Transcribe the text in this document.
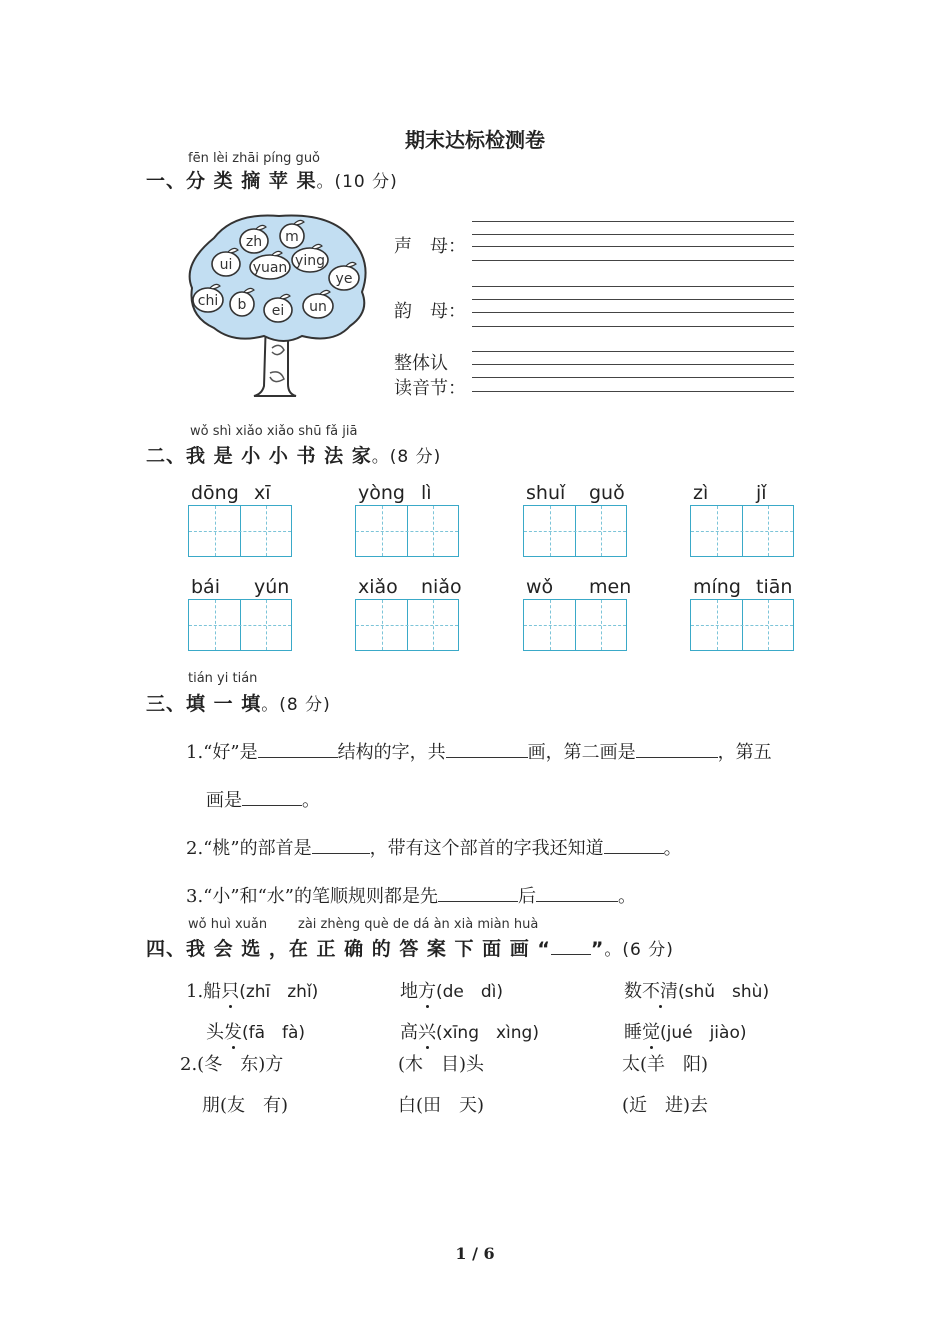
期末达标检测卷
fēn lèi zhāi píng guǒ
一、分 类 摘 苹 果。(10 分)
zh m
ui yuan ying
ye
chi b ei un
声　母：
韵　母：
整体认
读音节：
wǒ shì xiǎo xiǎo shū fǎ jiā
二、我 是 小 小 书 法 家。(8 分)
dōng xī	yòng lì	shuǐ guǒ	zì	jǐ
bái yún	xiǎo niǎo	wǒ men	míng tiān
tián yi tián
三、填 一 填。(8 分)
1.“好”是	结构的字，共	画，第二画是	，第五
画是	。
2.“桃”的部首是	，带有这个部首的字我还知道	。
3.“小”和“水”的笔顺规则都是先	后	。
wǒ huì xuǎn zài zhèng què de dá àn xià miàn huà
四、我 会 选 ，在 正 确 的 答 案 下 面 画 “ ”。(6 分)
1.船只(zhī　zhǐ)	地方(de　dì)	数不清(shǔ　shù)
头发(fā　fà)	高兴(xīng　xìng)	睡觉(jué　jiào)
2.(冬　东)方	(木　目)头	太(羊　阳)
朋(友　有)	白(田　天)	(近　进)去
1 / 6
